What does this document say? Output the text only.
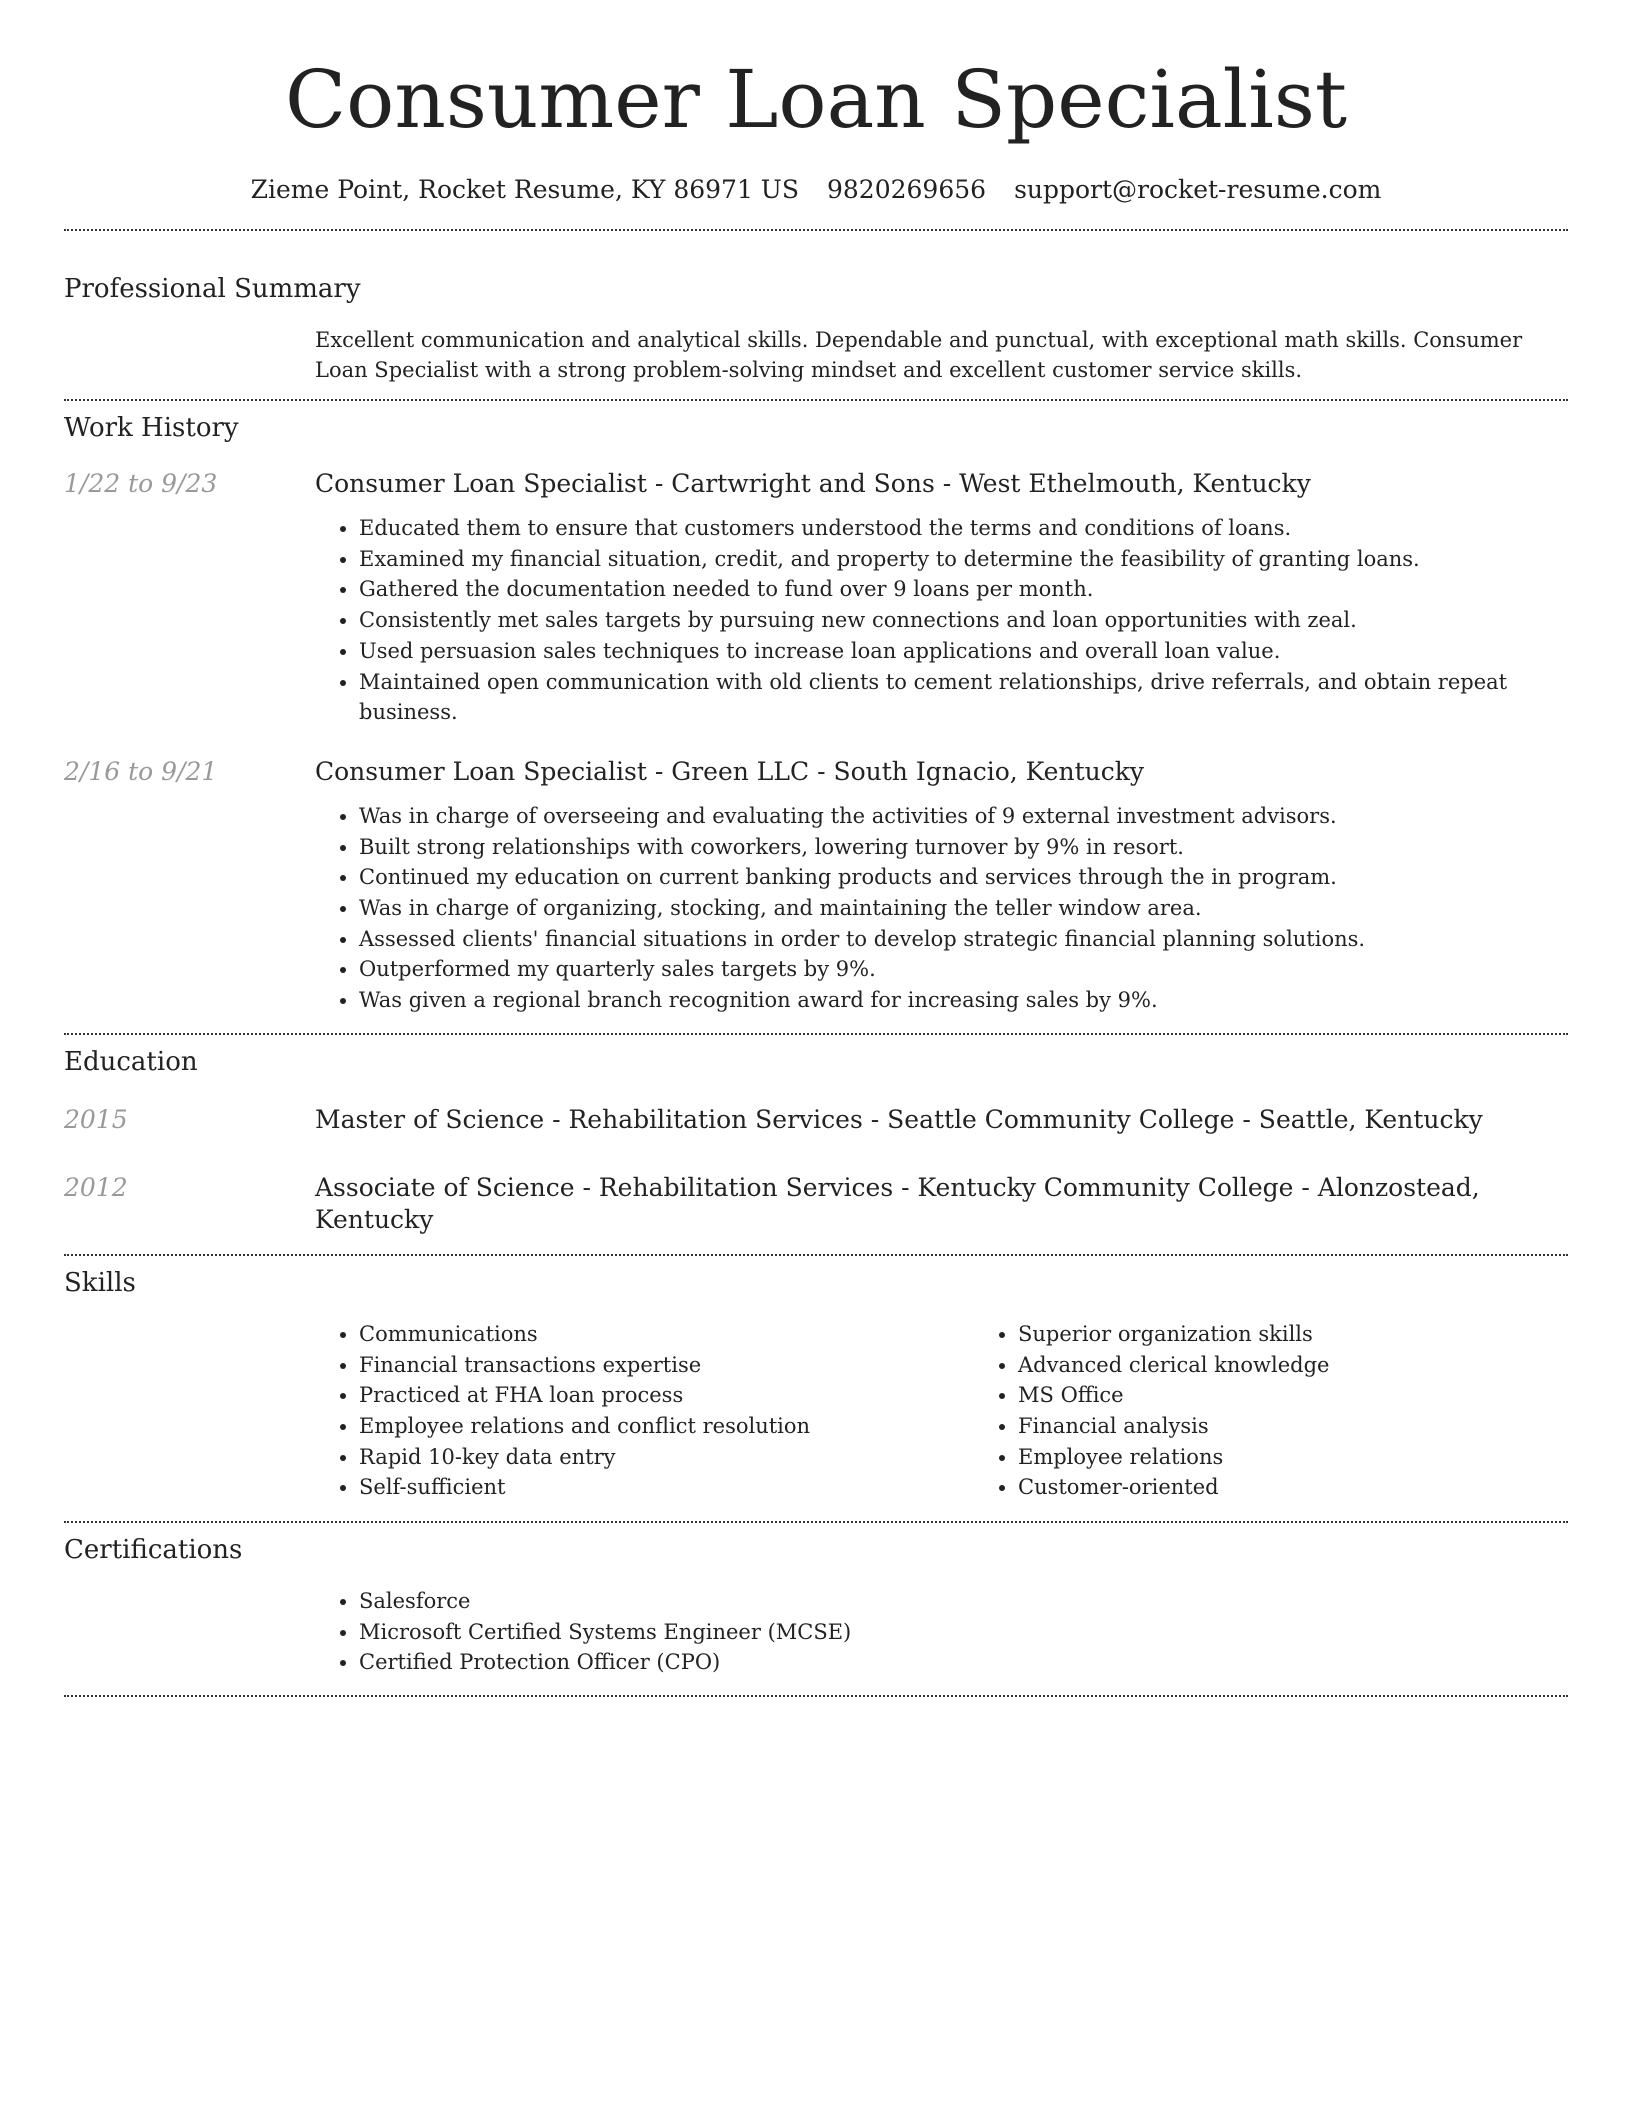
Consumer Loan Specialist
Zieme Point, Rocket Resume, KY 86971 US 9820269656 support@rocket-resume.com
Professional Summary

Excellent communication and analytical skills. Dependable and punctual, with exceptional math skills. Consumer Loan Specialist with a strong problem-solving mindset and excellent customer service skills.

Work History
1/22 to 9/23	Consumer Loan Specialist - Cartwright and Sons - West Ethelmouth, Kentucky
• Educated them to ensure that customers understood the terms and conditions of loans.
• Examined my financial situation, credit, and property to determine the feasibility of granting loans.
• Gathered the documentation needed to fund over 9 loans per month.
• Consistently met sales targets by pursuing new connections and loan opportunities with zeal.
• Used persuasion sales techniques to increase loan applications and overall loan value.
• Maintained open communication with old clients to cement relationships, drive referrals, and obtain repeat business.
2/16 to 9/21	Consumer Loan Specialist - Green LLC - South Ignacio, Kentucky
• Was in charge of overseeing and evaluating the activities of 9 external investment advisors.
• Built strong relationships with coworkers, lowering turnover by 9% in resort.
• Continued my education on current banking products and services through the in program.
• Was in charge of organizing, stocking, and maintaining the teller window area.
• Assessed clients' financial situations in order to develop strategic financial planning solutions.
• Outperformed my quarterly sales targets by 9%.
• Was given a regional branch recognition award for increasing sales by 9%.
Education
2015	Master of Science - Rehabilitation Services - Seattle Community College - Seattle, Kentucky
2012	Associate of Science - Rehabilitation Services - Kentucky Community College - Alonzostead, Kentucky
Skills
• Communications
• Financial transactions expertise
• Practiced at FHA loan process
• Employee relations and conflict resolution
• Rapid 10-key data entry
• Self-sufficient
• Superior organization skills
• Advanced clerical knowledge
• MS Office
• Financial analysis
• Employee relations
• Customer-oriented
Certifications
• Salesforce
• Microsoft Certified Systems Engineer (MCSE)
• Certified Protection Officer (CPO)
